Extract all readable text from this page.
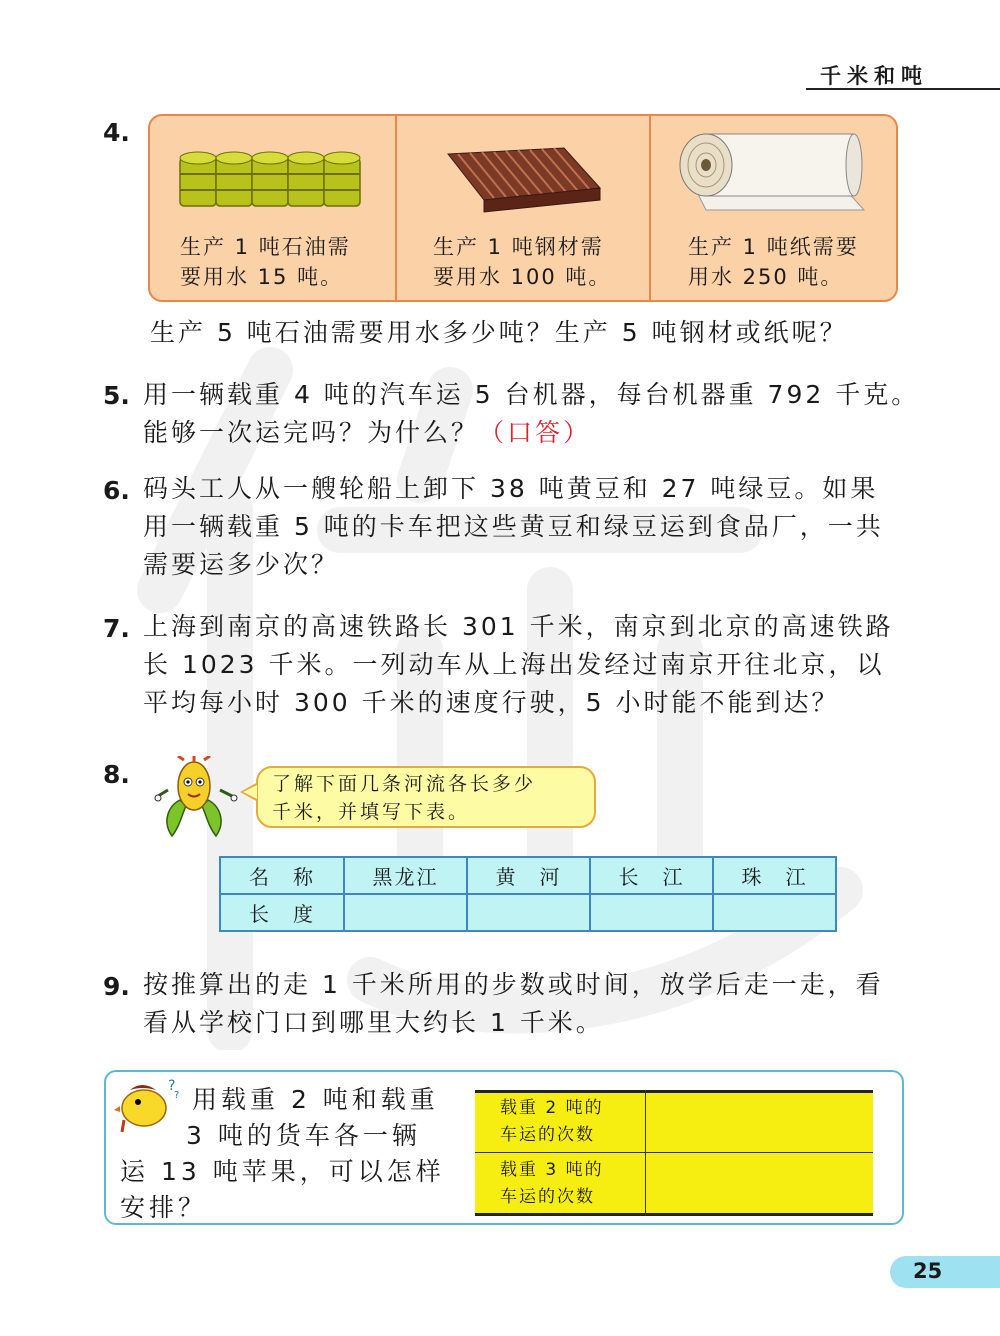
千米和吨
4.
生产 1 吨石油需
要用水 15 吨。
生产 1 吨钢材需
要用水 100 吨。
生产 1 吨纸需要
用水 250 吨。
生产 5 吨石油需要用水多少吨？生产 5 吨钢材或纸呢？
5. 用一辆载重 4 吨的汽车运 5 台机器，每台机器重 792 千克。
能够一次运完吗？为什么？（口答）
6. 码头工人从一艘轮船上卸下 38 吨黄豆和 27 吨绿豆。如果
用一辆载重 5 吨的卡车把这些黄豆和绿豆运到食品厂，一共
需要运多少次？
7. 上海到南京的高速铁路长 301 千米，南京到北京的高速铁路
长 1023 千米。一列动车从上海出发经过南京开往北京，以
平均每小时 300 千米的速度行驶，5 小时能不能到达？
8.	了解下面几条河流各长多少
千米，并填写下表。
名　称	黑龙江	黄　河	长　江	珠　江
长　度				
9. 按推算出的走 1 千米所用的步数或时间，放学后走一走，看
看从学校门口到哪里大约长 1 千米。
?
? 用载重 2 吨和载重
3 吨的货车各一辆
运 13 吨苹果，可以怎样
安排？
载重 2 吨的
车运的次数
载重 3 吨的
车运的次数
25
